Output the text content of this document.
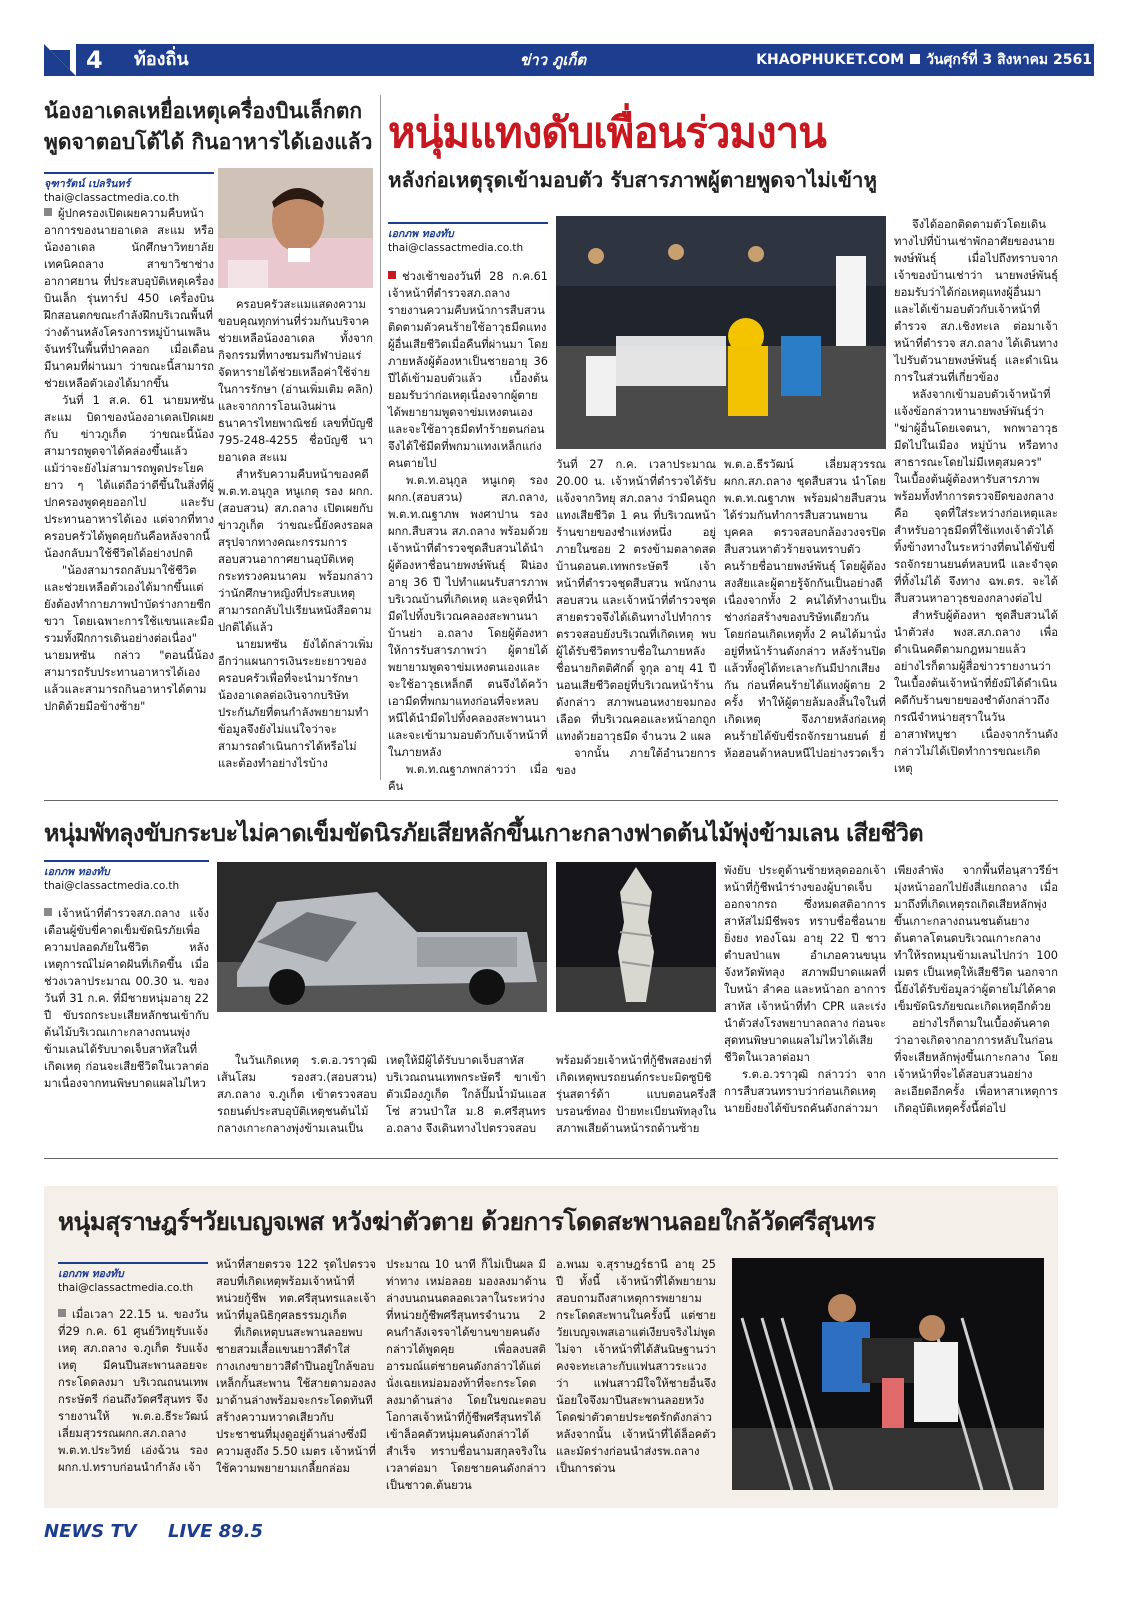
4 ท้องถิ่น	ข่าว ภูเก็ต	KHAOPHUKET.COM วันศุกร์ที่ 3 สิงหาคม 2561
น้องอาเดลเหยื่อเหตุเครื่องบินเล็กตก
พูดจาตอบโต้ได้ กินอาหารได้เองแล้ว
จุฑารัตน์ เปลรินทร์
thai@classactmedia.co.th

ผู้ปกครองเปิดเผยความคืบหน้าอาการของนายอาเดล สะแม หรือ น้องอาเดล นักศึกษาวิทยาลัยเทคนิคถลาง สาขาวิชาช่างอากาศยาน ที่ประสบอุบัติเหตุเครื่องบินเล็ก รุ่นทาร์ป 450 เครื่องบินฝึกสอนตกขณะกำลังฝึกบริเวณพื้นที่ว่างด้านหลังโครงการหมู่บ้านเพลินจันทร์ในพื้นที่ป่าคลอก เมื่อเดือนมีนาคมที่ผ่านมา ว่าขณะนี้สามารถช่วยเหลือตัวเองได้มากขึ้น

วันที่ 1 ส.ค. 61 นายมหซัน สะแม บิดาของน้องอาเดลเปิดเผยกับ ข่าวภูเก็ต ว่าขณะนี้น้องสามารถพูดจาได้คล่องขึ้นแล้วแม้ว่าจะยังไม่สามารถพูดประโยคยาว ๆ ได้แต่ถือว่าดีขึ้นในสิ่งที่ผู้ปกครองพูดคุยออกไป และรับประทานอาหารได้เอง แต่จากที่ทางครอบครัวได้พูดคุยกันคือหลังจากนี้น้องกลับมาใช้ชีวิตได้อย่างปกติ

"น้องสามารถกลับมาใช้ชีวิตและช่วยเหลือตัวเองได้มากขึ้นแต่ยังต้องทำกายภาพบำบัดร่างกายซีกขวา โดยเฉพาะการใช้แขนและมือ รวมทั้งฝึกการเดินอย่างต่อเนื่อง" นายมหซัน กล่าว "ตอนนี้น้องสามารถรับประทานอาหารได้เองแล้วและสามารถกินอาหารได้ตามปกติด้วยมือข้างซ้าย"

ครอบครัวสะแมแสดงความขอบคุณทุกท่านที่ร่วมกันบริจาคช่วยเหลือน้องอาเดล ทั้งจากกิจกรรมที่ทางชมรมกีฬาบ่อแร่จัดหารายได้ช่วยเหลือค่าใช้จ่ายในการรักษา (อ่านเพิ่มเติม คลิก) และจากการโอนเงินผ่านธนาคารไทยพาณิชย์ เลขที่บัญชี 795-248-4255 ชื่อบัญชี นายอาเดล สะแม

สำหรับความคืบหน้าของคดี พ.ต.ท.อนุกูล หนูเกตุ รอง ผกก.(สอบสวน) สภ.ถลาง เปิดเผยกับ ข่าวภูเก็ต ว่าขณะนี้ยังคงรอผลสรุปจากทางคณะกรรมการสอบสวนอากาศยานอุบัติเหตุ กระทรวงคมนาคม พร้อมกล่าวว่านักศึกษาหญิงที่ประสบเหตุสามารถกลับไปเรียนหนังสือตามปกติได้แล้ว

นายมหซัน ยังได้กล่าวเพิ่มอีกว่าแผนการเงินระยะยาวของครอบครัวเพื่อที่จะนำมารักษาน้องอาเดลต่อเงินจากบริษัทประกันภัยที่ตนกำลังพยายามทำข้อมูลจึงยังไม่แน่ใจว่าจะสามารถดำเนินการได้หรือไม่และต้องทำอย่างไรบ้าง

หนุ่มแทงดับเพื่อนร่วมงาน
หลังก่อเหตุรุดเข้ามอบตัว รับสารภาพผู้ตายพูดจาไม่เข้าหู
เอกภพ ทองทับ
thai@classactmedia.co.th

ช่วงเช้าของวันที่ 28 ก.ค.61 เจ้าหน้าที่ตำรวจสภ.ถลาง รายงานความคืบหน้าการสืบสวนติดตามตัวคนร้ายใช้อาวุธมีดแทงผู้อื่นเสียชีวิตเมื่อคืนที่ผ่านมา โดยภายหลังผู้ต้องหาเป็นชายอายุ 36 ปีได้เข้ามอบตัวแล้ว เบื้องต้นยอมรับว่าก่อเหตุเนื่องจากผู้ตายได้พยายามพูดจาข่มเหงตนเอง และจะใช้อาวุธมีดทำร้ายตนก่อน จึงได้ใช้มีดที่พกมาแทงเหล็กแก่งคนตายไป

พ.ต.ท.อนุกูล หนูเกตุ รอง ผกก.(สอบสวน) สภ.ถลาง, พ.ต.ท.ณฐาภพ พงศาปาน รอง ผกก.สืบสวน สภ.ถลาง พร้อมด้วยเจ้าหน้าที่ตำรวจชุดสืบสวนได้นำผู้ต้องหาชื่อนายพงษ์พันธุ์ ฝีน่องอายุ 36 ปี ไปทำแผนรับสารภาพบริเวณบ้านที่เกิดเหตุ และจุดที่นำมีดไปทิ้งบริเวณคลองสะพานนา บ้านย่า อ.ถลาง โดยผู้ต้องหาให้การรับสารภาพว่า ผู้ตายได้พยายามพูดจาข่มเหงตนเองและจะใช้อาวุธเหล็กตี ตนจึงได้คว้าเอามีดที่พกมาแทงก่อนที่จะหลบหนีได้นำมีดไปทิ้งคลองสะพานนาและจะเข้ามามอบตัวกับเจ้าหน้าที่ในภายหลัง

พ.ต.ท.ณฐาภพกล่าวว่า เมื่อคืน

วันที่ 27 ก.ค. เวลาประมาณ 20.00 น. เจ้าหน้าที่ตำรวจได้รับแจ้งจากวิทยุ สภ.ถลาง ว่ามีคนถูกแทงเสียชีวิต 1 คน ที่บริเวณหน้าร้านขายของชำแห่งหนึ่ง อยู่ภายในซอย 2 ตรงข้ามตลาดสดบ้านดอนต.เทพกระษัตรี เจ้าหน้าที่ตำรวจชุดสืบสวน พนักงานสอบสวน และเจ้าหน้าที่ตำรวจชุดสายตรวจจึงได้เดินทางไปทำการตรวจสอบยังบริเวณที่เกิดเหตุ พบผู้ได้รับชีวิตทราบชื่อในภายหลังชื่อนายกิตติศักดิ์ จูกุล อายุ 41 ปี นอนเสียชีวิตอยู่ที่บริเวณหน้าร้านดังกล่าว สภาพนอนหงายจมกองเลือด ที่บริเวณคอและหน้าอกถูกแทงด้วยอาวุธมีด จำนวน 2 แผล

จากนั้น ภายใต้อำนวยการของ

พ.ต.อ.ธีรวัฒน์ เลี่ยมสุวรรณ ผกก.สภ.ถลาง ชุดสืบสวน นำโดย พ.ต.ท.ณฐาภพ พร้อมฝ่ายสืบสวนได้ร่วมกันทำการสืบสวนพยานบุคคล ตรวจสอบกล้องวงจรปิดสืบสวนหาตัวร้ายจนทราบตัวคนร้ายชื่อนายพงษ์พันธุ์ โดยผู้ต้องสงสัยและผู้ตายรู้จักกันเป็นอย่างดีเนื่องจากทั้ง 2 คนได้ทำงานเป็นช่างก่อสร้างของบริษัทเดียวกัน โดยก่อนเกิดเหตุทั้ง 2 คนได้มานั่งอยู่ที่หน้าร้านดังกล่าว หลังร้านปิดแล้วทั้งคู่ได้ทะเลาะกันมีปากเสียงกัน ก่อนที่คนร้ายได้แทงผู้ตาย 2 ครั้ง ทำให้ผู้ตายล้มลงสิ้นใจในที่เกิดเหตุ จึงภายหลังก่อเหตุ คนร้ายได้ขับขี่รถจักรยานยนต์ ยี่ห้อฮอนด้าหลบหนีไปอย่างรวดเร็ว

จึงได้ออกติดตามตัวโดยเดินทางไปที่บ้านเช่าพักอาศัยของนายพงษ์พันธุ์ เมื่อไปถึงทราบจากเจ้าของบ้านเช่าว่า นายพงษ์พันธุ์ยอมรับว่าได้ก่อเหตุแทงผู้อื่นมาและได้เข้ามอบตัวกับเจ้าหน้าที่ตำรวจ สภ.เชิงทะเล ต่อมาเจ้าหน้าที่ตำรวจ สภ.ถลาง ได้เดินทางไปรับตัวนายพงษ์พันธุ์ และดำเนินการในส่วนที่เกี่ยวข้อง

หลังจากเข้ามอบตัวเจ้าหน้าที่แจ้งข้อกล่าวหานายพงษ์พันธุ์ว่า "ฆ่าผู้อื่นโดยเจตนา, พกพาอาวุธมีดไปในเมือง หมู่บ้าน หรือทางสาธารณะโดยไม่มีเหตุสมควร" ในเบื้องต้นผู้ต้องหารับสารภาพ พร้อมทั้งทำการตรวจยึดของกลาง คือ จุดที่ใส่ระหว่างก่อเหตุและสำหรับอาวุธมีดที่ใช้แทงเจ้าตัวได้ทิ้งข้างทางในระหว่างที่ตนได้ขับขี่รถจักรยานยนต์หลบหนี และจำจุดที่ทิ้งไม่ได้ จึงทาง ฉพ.ตร. จะได้สืบสวนหาอาวุธของกลางต่อไป

สำหรับผู้ต้องหา ชุดสืบสวนได้นำตัวส่ง พงส.สภ.ถลาง เพื่อดำเนินคดีตามกฎหมายแล้ว อย่างไรก็ตามผู้สื่อข่าวรายงานว่าในเบื้องต้นเจ้าหน้าที่ยังมิได้ดำเนินคดีกับร้านขายของชำดังกล่าวถึงกรณีจำหน่ายสุราในวันอาสาฬหบูชา เนื่องจากร้านดังกล่าวไม่ได้เปิดทำการขณะเกิดเหตุ

หนุ่มพัทลุงขับกระบะไม่คาดเข็มขัดนิรภัยเสียหลักขึ้นเกาะกลางฟาดต้นไม้พุ่งข้ามเลน เสียชีวิต
เอกภพ ทองทับ
thai@classactmedia.co.th

เจ้าหน้าที่ตำรวจสภ.ถลาง แจ้งเตือนผู้ขับขี่คาดเข็มขัดนิรภัยเพื่อความปลอดภัยในชีวิต หลังเหตุการณ์ไม่คาดฝันที่เกิดขึ้น เมื่อช่วงเวลาประมาณ 00.30 น. ของวันที่ 31 ก.ค. ที่มีชายหนุ่มอายุ 22 ปี ขับรถกระบะเสียหลักชนเข้ากับต้นไม้บริเวณเกาะกลางถนนพุ่งข้ามเลนได้รับบาดเจ็บสาหัสในที่เกิดเหตุ ก่อนจะเสียชีวิตในเวลาต่อมาเนื่องจากทนพิษบาดแผลไม่ไหว

ในวันเกิดเหตุ ร.ต.อ.วราวุฒิ เส้นโสม รองสว.(สอบสวน) สภ.ถลาง จ.ภูเก็ต เข้าตรวจสอบรถยนต์ประสบอุบัติเหตุชนต้นไม้กลางเกาะกลางพุ่งข้ามเลนเป็น

เหตุให้มีผู้ได้รับบาดเจ็บสาหัสบริเวณถนนเทพกระษัตรี ขาเข้าตัวเมืองภูเก็ต ใกล้ปั๊มน้ำมันแอสโซ่ สวนป่าใส ม.8 ต.ศรีสุนทร อ.ถลาง จึงเดินทางไปตรวจสอบ

พร้อมด้วยเจ้าหน้าที่กู้ชีพสองย่าที่เกิดเหตุพบรถยนต์กระบะมิตซูบิชิ รุ่นสตาร์ด้า แบบตอนครึ่งสีบรอนซ์ทอง ป้ายทะเบียนพัทลุงในสภาพเสียด้านหน้ารถด้านซ้าย

พังยับ ประตูด้านซ้ายหลุดออกเจ้าหน้าที่กู้ชีพนำร่างของผู้บาดเจ็บออกจากรถ ซึ่งหมดสติอาการสาหัสไม่มีชีพจร ทราบชื่อชื่อนายยิ่งยง ทองโฉม อายุ 22 ปี ชาวตำบลป่าแพ อำเภอควนขนุน จังหวัดพัทลุง สภาพมีบาดแผลที่ใบหน้า ลำคอ และหน้าอก อาการสาหัส เจ้าหน้าที่ทำ CPR และเร่งนำตัวส่งโรงพยาบาลถลาง ก่อนจะสุดทนพิษบาดแผลไม่ไหวได้เสียชีวิตในเวลาต่อมา

ร.ต.อ.วราวุฒิ กล่าวว่า จากการสืบสวนทราบว่าก่อนเกิดเหตุ นายยิ่งยงได้ขับรถคันดังกล่าวมา

เพียงลำพัง จากพื้นที่อนุสาวรีย์ฯ มุ่งหน้าออกไปยังสี่แยกถลาง เมื่อมาถึงที่เกิดเหตุรถเกิดเสียหลักพุ่งขึ้นเกาะกลางถนนชนต้นยางต้นตาลโตนดบริเวณเกาะกลาง ทำให้รถหมุนข้ามเลนไปกว่า 100 เมตร เป็นเหตุให้เสียชีวิต นอกจากนี้ยังได้รับข้อมูลว่าผู้ตายไม่ได้คาดเข็มขัดนิรภัยขณะเกิดเหตุอีกด้วย

อย่างไรก็ตามในเบื้องต้นคาดว่าอาจเกิดจากอาการหลับในก่อนที่จะเสียหลักพุ่งขึ้นเกาะกลาง โดยเจ้าหน้าที่จะได้สอบสวนอย่างละเอียดอีกครั้ง เพื่อหาสาเหตุการเกิดอุบัติเหตุครั้งนี้ต่อไป

หนุ่มสุราษฎร์ฯวัยเบญจเพส หวังฆ่าตัวตาย ด้วยการโดดสะพานลอยใกล้วัดศรีสุนทร
เอกภพ ทองทับ
thai@classactmedia.co.th

เมื่อเวลา 22.15 น. ของวันที่29 ก.ค. 61 ศูนย์วิทยุรับแจ้งเหตุ สภ.ถลาง จ.ภูเก็ต รับแจ้งเหตุ มีคนปีนสะพานลอยจะกระโดดลงมา บริเวณถนนเทพกระษัตรี ก่อนถึงวัดศรีสุนทร จึงรายงานให้ พ.ต.อ.ธีระวัฒน์ เลี่ยมสุวรรณผกก.สภ.ถลาง พ.ต.ท.ประวิทย์ เอ่งฉ้วน รอง ผกก.ป.ทราบก่อนนำกำลัง เจ้า

หน้าที่สายตรวจ 122 รุดไปตรวจสอบที่เกิดเหตุพร้อมเจ้าหน้าที่หน่วยกู้ชีพ ทต.ศรีสุนทรและเจ้าหน้าที่มูลนิธิกุศลธรรมภูเก็ต

ที่เกิดเหตุบนสะพานลอยพบชายสวมเสื้อแขนยาวสีดำใส่กางเกงขายาวสีดำปีนอยู่ใกล้ขอบเหล็กกั้นสะพาน ใช้สายตามองลงมาด้านล่างพร้อมจะกระโดดทันทีสร้างความหวาดเสียวกับประชาชนที่มุงดูอยู่ด้านล่างซึ่งมีความสูงถึง 5.50 เมตร เจ้าหน้าที่ใช้ความพยายามเกลี้ยกล่อม

ประมาณ 10 นาที ก็ไม่เป็นผล มีท่าทาง เหม่อลอย มองลงมาด้านล่างบนถนนตลอดเวลาในระหว่างที่หน่วยกู้ชีพศรีสุนทรจำนวน 2 คนกำลังเจรจาได้ขานขายคนดังกล่าวได้พูดคุย เพื่อลงบสติอารมณ์แต่ชายคนดังกล่าวได้แต่นั่งเฉยเหม่อมองท้าที่จะกระโดดลงมาด้านล่าง โดยในขณะตอบโอกาสเจ้าหน้าที่กู้ชีพศรีสุนทรได้เข้าล็อคตัวหนุ่มคนดังกล่าวได้สำเร็จ ทราบชื่อนามสกุลจริงในเวลาต่อมา โดยชายคนดังกล่าวเป็นชาวต.ต้นยวน

อ.พนม จ.สุราษฎร์ธานี อายุ 25 ปี ทั้งนี้ เจ้าหน้าที่ได้พยายามสอบถามถึงสาเหตุการพยายามกระโดดสะพานในครั้งนี้ แต่ชายวัยเบญจเพสเอาแต่เงียบจริงไม่พูดไม่จา เจ้าหน้าที่ได้สันนิษฐานว่าคงจะทะเลาะกับแฟนสาวระแวงว่า แฟนสาวมีใจให้ชายอื่นจึงน้อยใจจึงมาปีนสะพานลอยหวังโดดฆ่าตัวตายประชดรักดังกล่าว หลังจากนั้น เจ้าหน้าที่ได้ล็อคตัวและมัดร่างก่อนนำส่งรพ.ถลาง เป็นการด่วน

NEWS TV LIVE 89.5
